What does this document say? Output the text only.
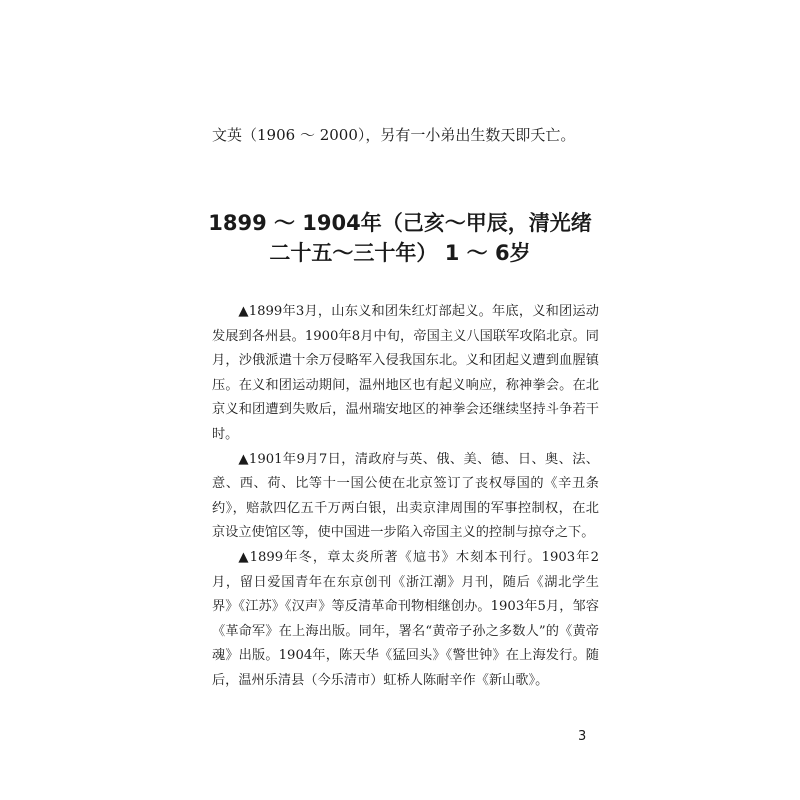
文英（1906 ～ 2000），另有一小弟出生数天即夭亡。
1899 ～ 1904年（己亥～甲辰，清光绪
二十五～三十年） 1 ～ 6岁

▲1899年3月，山东义和团朱红灯部起义。年底，义和团运动发展到各州县。1900年8月中旬，帝国主义八国联军攻陷北京。同月，沙俄派遣十余万侵略军入侵我国东北。义和团起义遭到血腥镇压。在义和团运动期间，温州地区也有起义响应，称神拳会。在北京义和团遭到失败后，温州瑞安地区的神拳会还继续坚持斗争若干时。

▲1901年9月7日，清政府与英、俄、美、德、日、奥、法、意、西、荷、比等十一国公使在北京签订了丧权辱国的《辛丑条约》，赔款四亿五千万两白银，出卖京津周围的军事控制权，在北京设立使馆区等，使中国进一步陷入帝国主义的控制与掠夺之下。

▲1899年冬，章太炎所著《訄书》木刻本刊行。1903年2月，留日爱国青年在东京创刊《浙江潮》月刊，随后《湖北学生界》《江苏》《汉声》等反清革命刊物相继创办。1903年5月，邹容《革命军》在上海出版。同年，署名“黄帝子孙之多数人”的《黄帝魂》出版。1904年，陈天华《猛回头》《警世钟》在上海发行。随后，温州乐清县（今乐清市）虹桥人陈耐辛作《新山歌》。

3
